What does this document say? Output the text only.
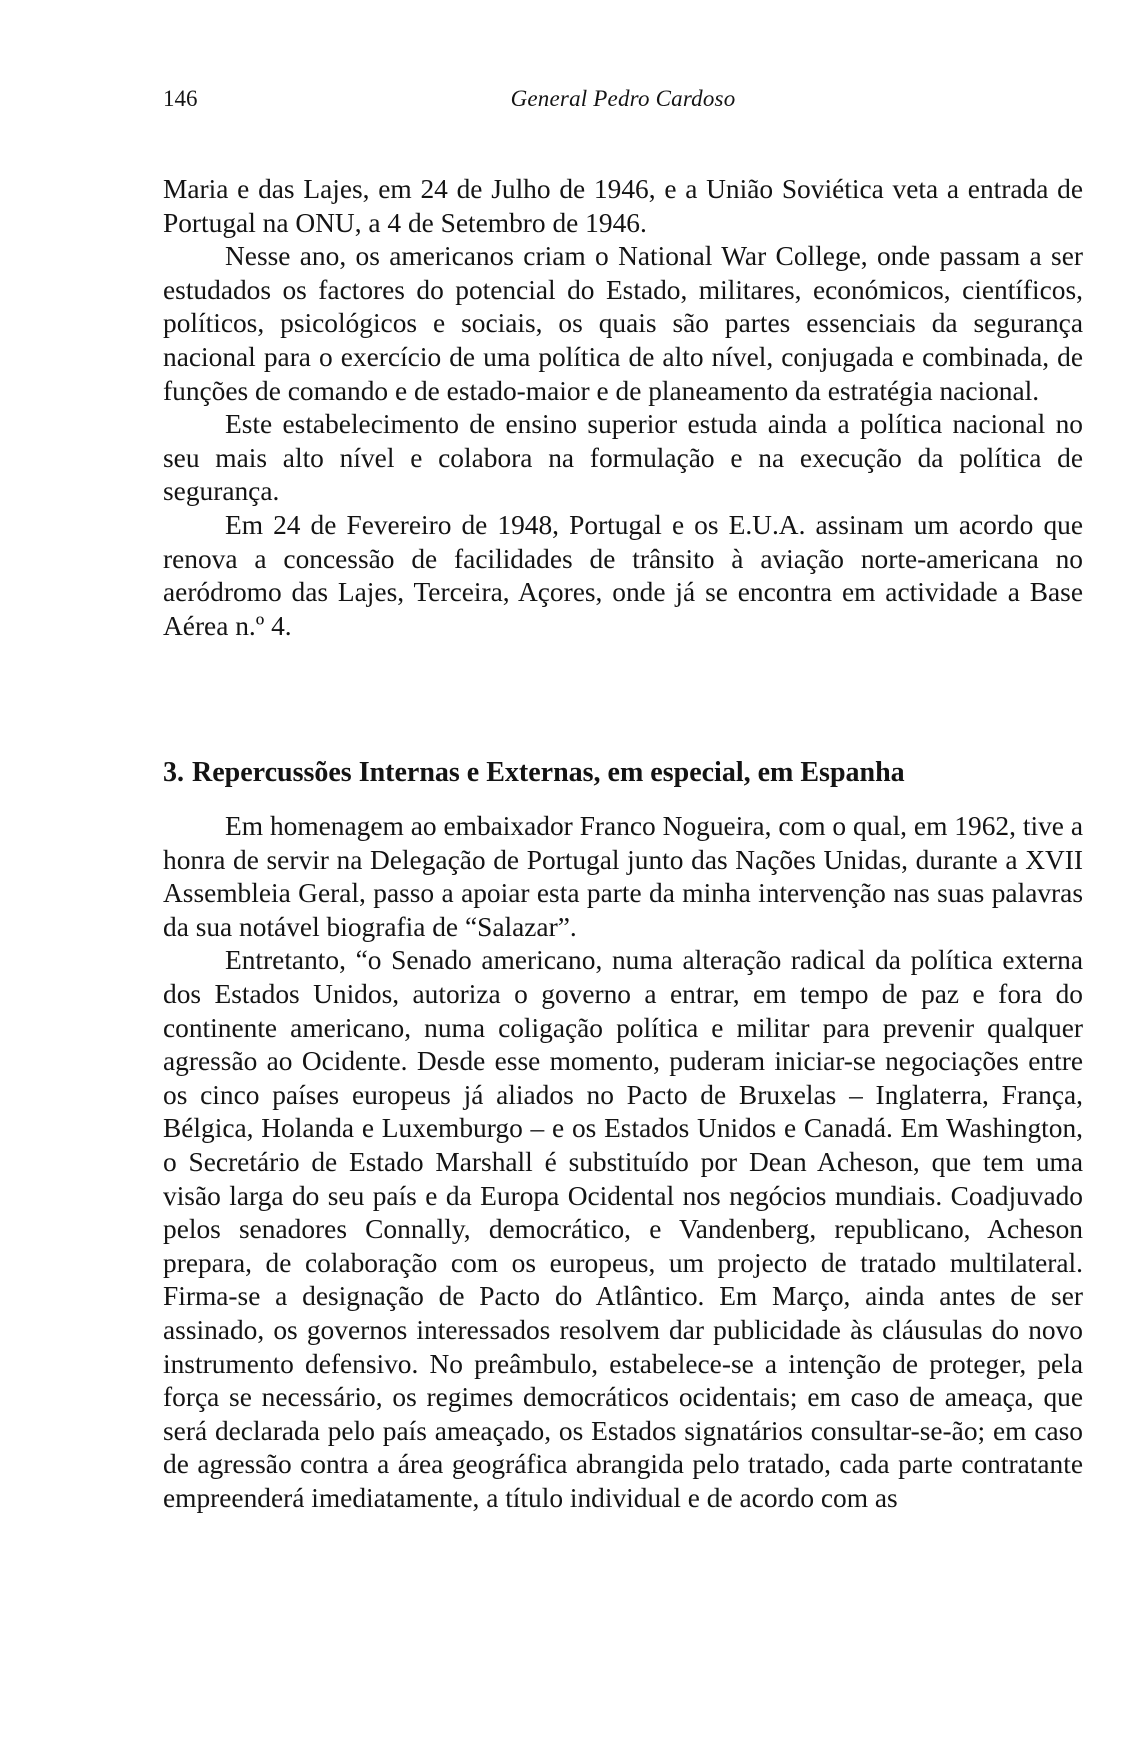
146	General Pedro Cardoso

Maria e das Lajes, em 24 de Julho de 1946, e a União Soviética veta a entrada de Portugal na ONU, a 4 de Setembro de 1946.

Nesse ano, os americanos criam o National War College, onde passam a ser estudados os factores do potencial do Estado, militares, económicos, científicos, políticos, psicológicos e sociais, os quais são partes essenciais da segurança nacional para o exercício de uma política de alto nível, conjugada e combinada, de funções de comando e de estado-maior e de planeamento da estratégia nacional.

Este estabelecimento de ensino superior estuda ainda a política nacional no seu mais alto nível e colabora na formulação e na execução da política de segurança.

Em 24 de Fevereiro de 1948, Portugal e os E.U.A. assinam um acordo que renova a concessão de facilidades de trânsito à aviação norte-americana no aeródromo das Lajes, Terceira, Açores, onde já se encontra em actividade a Base Aérea n.º 4.

3. Repercussões Internas e Externas, em especial, em Espanha

Em homenagem ao embaixador Franco Nogueira, com o qual, em 1962, tive a honra de servir na Delegação de Portugal junto das Nações Unidas, durante a XVII Assembleia Geral, passo a apoiar esta parte da minha intervenção nas suas palavras da sua notável biografia de “Salazar”.

Entretanto, “o Senado americano, numa alteração radical da política externa dos Estados Unidos, autoriza o governo a entrar, em tempo de paz e fora do continente americano, numa coligação política e militar para prevenir qualquer agressão ao Ocidente. Desde esse momento, puderam iniciar-se negociações entre os cinco países europeus já aliados no Pacto de Bruxelas – Inglaterra, França, Bélgica, Holanda e Luxemburgo – e os Estados Unidos e Canadá. Em Washington, o Secretário de Estado Marshall é substituído por Dean Acheson, que tem uma visão larga do seu país e da Europa Ocidental nos negócios mundiais. Coadjuvado pelos senadores Connally, democrático, e Vandenberg, republicano, Acheson prepara, de colaboração com os europeus, um projecto de tratado multilateral. Firma-se a designação de Pacto do Atlântico. Em Março, ainda antes de ser assinado, os governos interessados resolvem dar publicidade às cláusulas do novo instrumento defensivo. No preâmbulo, estabelece-se a intenção de proteger, pela força se necessário, os regimes democráticos ocidentais; em caso de ameaça, que será declarada pelo país ameaçado, os Estados signatários consultar-se-ão; em caso de agressão contra a área geográfica abrangida pelo tratado, cada parte contratante empreenderá imediatamente, a título individual e de acordo com as
